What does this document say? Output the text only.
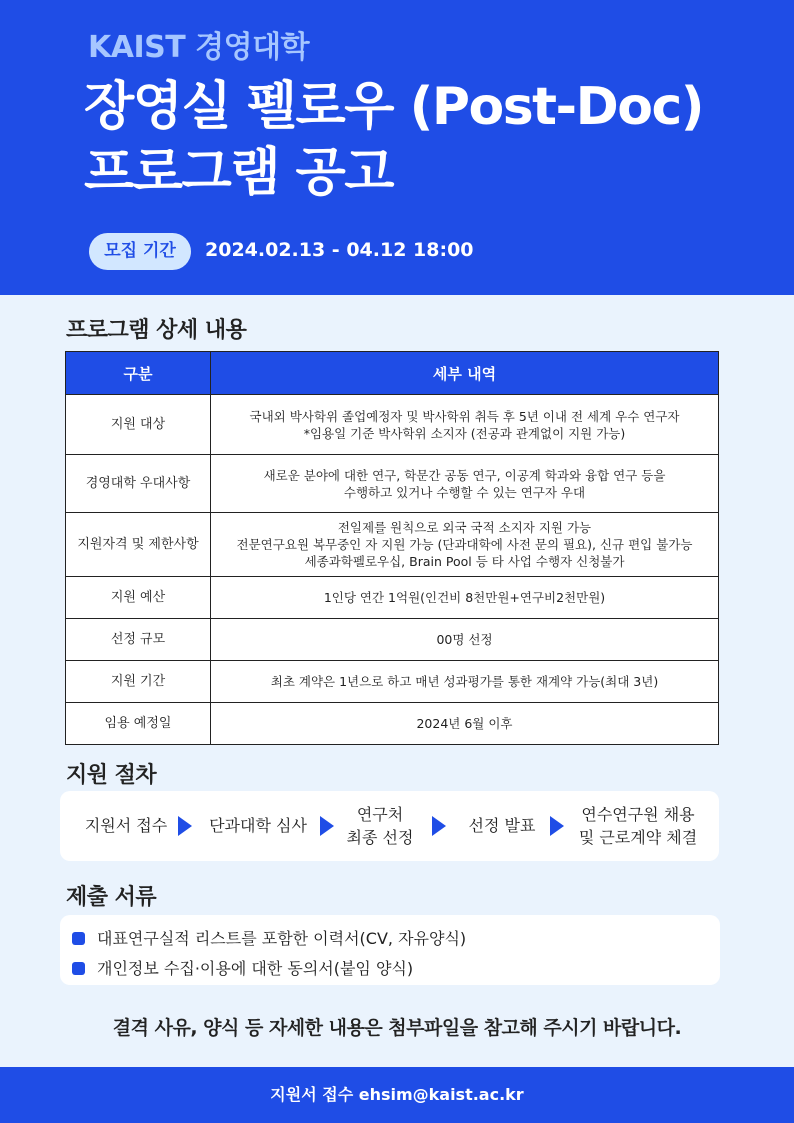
KAIST 경영대학
장영실 펠로우 (Post-Doc)
프로그램 공고
모집 기간	2024.02.13 - 04.12 18:00
프로그램 상세 내용
구분	세부 내역
지원 대상	국내외 박사학위 졸업예정자 및 박사학위 취득 후 5년 이내 전 세계 우수 연구자
*임용일 기준 박사학위 소지자 (전공과 관계없이 지원 가능)
경영대학 우대사항	새로운 분야에 대한 연구, 학문간 공동 연구, 이공계 학과와 융합 연구 등을
수행하고 있거나 수행할 수 있는 연구자 우대
지원자격 및 제한사항	전일제를 원칙으로 외국 국적 소지자 지원 가능
전문연구요원 복무중인 자 지원 가능 (단과대학에 사전 문의 필요), 신규 편입 불가능
세종과학펠로우십, Brain Pool 등 타 사업 수행자 신청불가
지원 예산	1인당 연간 1억원(인건비 8천만원+연구비2천만원)
선정 규모	00명 선정
지원 기간	최초 계약은 1년으로 하고 매년 성과평가를 통한 재계약 가능(최대 3년)
임용 예정일	2024년 6월 이후
지원 절차
지원서 접수	단과대학 심사
연구처
최종 선정
선정 발표
연수연구원 채용
및 근로계약 체결
제출 서류
대표연구실적 리스트를 포함한 이력서(CV, 자유양식)
개인정보 수집·이용에 대한 동의서(붙임 양식)
결격 사유, 양식 등 자세한 내용은 첨부파일을 참고해 주시기 바랍니다.
지원서 접수 ehsim@kaist.ac.kr
